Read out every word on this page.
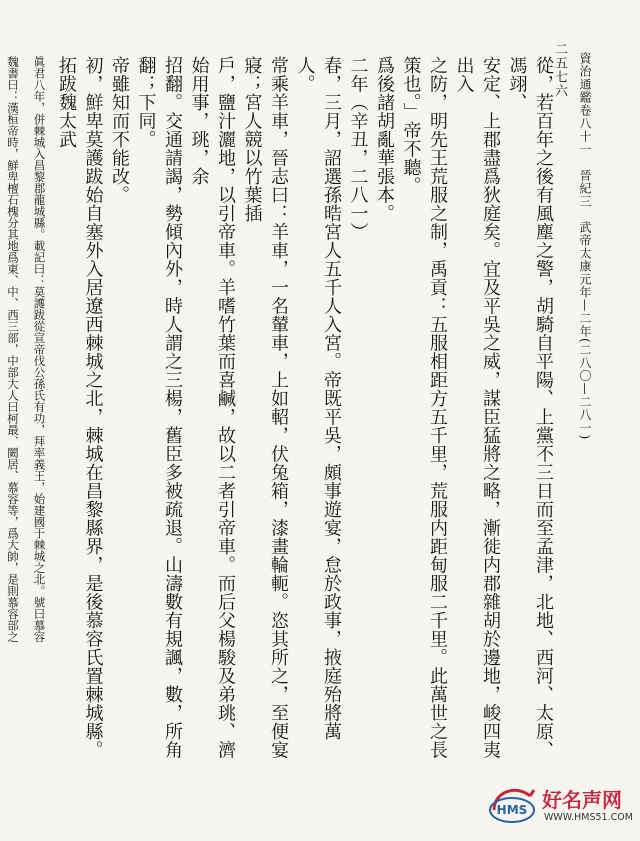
二五七六 資治通鑑卷八十一　晉紀三　武帝太康元年—二年(二八〇—二八一)

從，若百年之後有風塵之警，胡騎自平陽、上黨不三日而至孟津，北地、西河、太原、馮翊、

安定、上郡盡爲狄庭矣。宜及平吳之威，謀臣猛將之略，漸徙内郡雜胡於邊地，峻四夷出入

之防，明先王荒服之制，禹貢：五服相距方五千里，荒服内距甸服二千里。此萬世之長策也。」帝不聽。

爲後諸胡亂華張本。

二年（辛丑，二八一）

春，三月，詔選孫晧宮人五千人入宮。帝既平吳，頗事遊宴，怠於政事，掖庭殆將萬人。

常乘羊車，晉志曰：羊車，一名輦車，上如軺，伏兔箱，漆畫輪軛。恣其所之，至便宴寢；宮人競以竹葉插

戶，鹽汁灑地，以引帝車。羊嗜竹葉而喜鹹，故以二者引帝車。而后父楊駿及弟珧、濟始用事，珧，余

招翻。交通請謁，勢傾內外，時人謂之三楊，舊臣多被疏退。山濤數有規諷，數，所角翻；下同。

帝雖知而不能改。

初，鮮卑莫護跋始自塞外入居遼西棘城之北，棘城在昌黎縣界，是後慕容氏置棘城縣。拓跋魏太武

眞君八年，併棘城入昌黎郡龍城縣。載記曰：莫護跋從宣帝伐公孫氏有功，拜率義王，始建國于棘城之北。號曰慕容

魏書曰：漢桓帝時，鮮卑檀石槐分其地爲東、中、西三部，中部大人曰柯最、闕居、慕容等，爲大帥，是則慕容部之

HMS 好名声网
WWW.HMS51.COM
